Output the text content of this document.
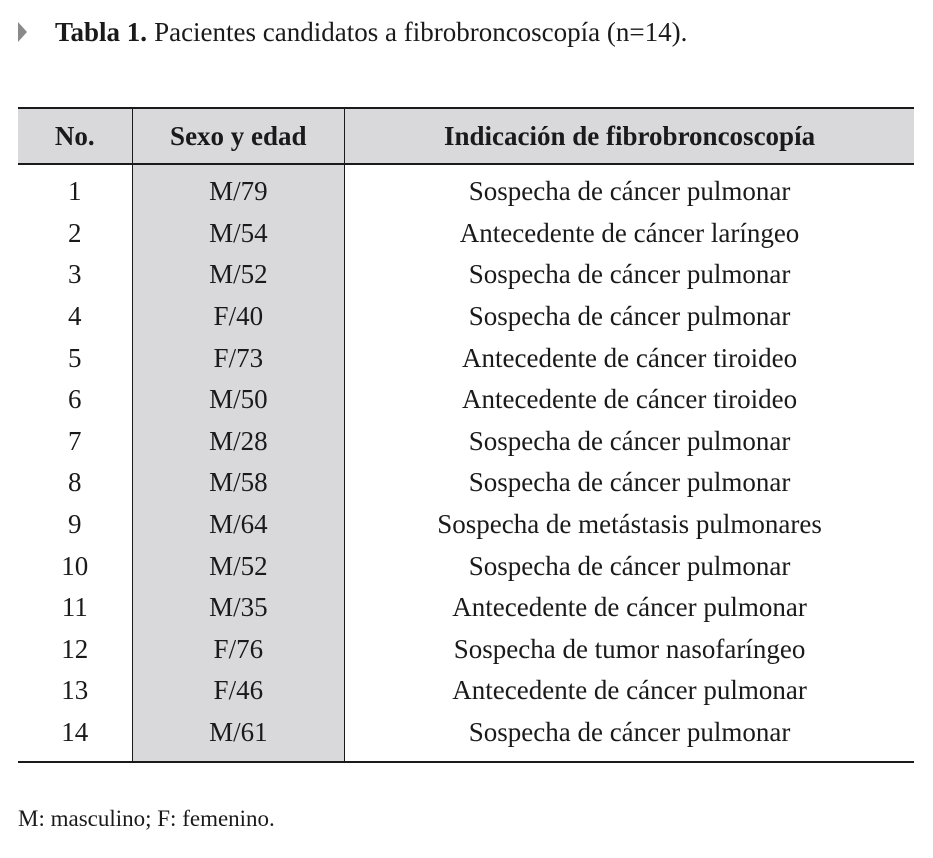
Tabla 1. Pacientes candidatos a fibrobroncoscopía (n=14).
No.	Sexo y edad	Indicación de fibrobroncoscopía
1	M/79	Sospecha de cáncer pulmonar
2	M/54	Antecedente de cáncer laríngeo
3	M/52	Sospecha de cáncer pulmonar
4	F/40	Sospecha de cáncer pulmonar
5	F/73	Antecedente de cáncer tiroideo
6	M/50	Antecedente de cáncer tiroideo
7	M/28	Sospecha de cáncer pulmonar
8	M/58	Sospecha de cáncer pulmonar
9	M/64	Sospecha de metástasis pulmonares
10	M/52	Sospecha de cáncer pulmonar
11	M/35	Antecedente de cáncer pulmonar
12	F/76	Sospecha de tumor nasofaríngeo
13	F/46	Antecedente de cáncer pulmonar
14	M/61	Sospecha de cáncer pulmonar
M: masculino; F: femenino.
